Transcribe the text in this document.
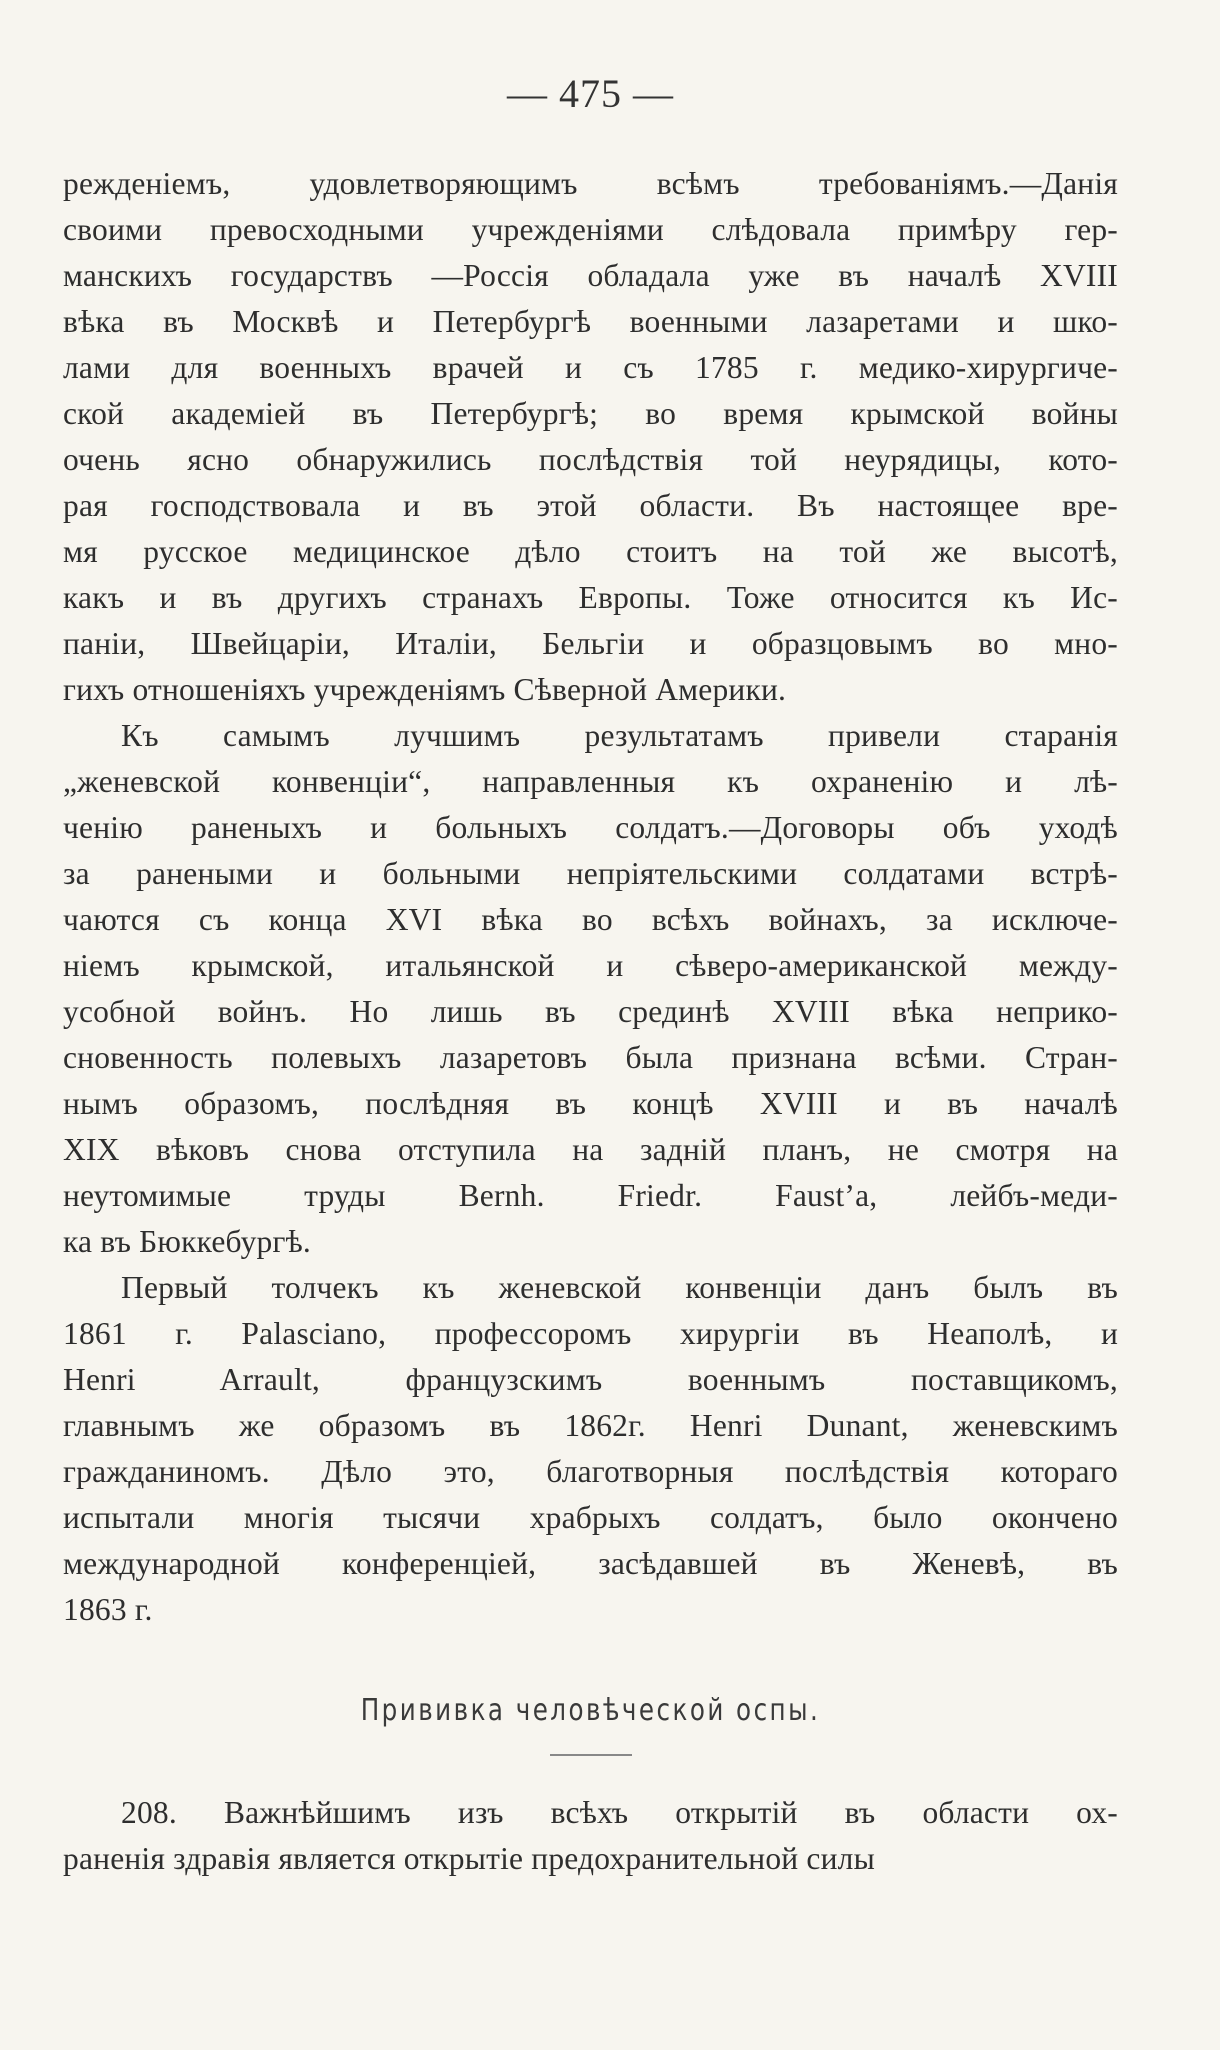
— 475 —

режденіемъ, удовлетворяющимъ всѣмъ требованіямъ.—Данія
своими превосходными учрежденіями слѣдовала примѣру гер-
манскихъ государствъ —Россія обладала уже въ началѣ XVIII
вѣка въ Москвѣ и Петербургѣ военными лазаретами и шко-
лами для военныхъ врачей и съ 1785 г. медико-хирургиче-
ской академіей въ Петербургѣ; во время крымской войны
очень ясно обнаружились послѣдствія той неурядицы, кото-
рая господствовала и въ этой области. Въ настоящее вре-
мя русское медицинское дѣло стоитъ на той же высотѣ,
какъ и въ другихъ странахъ Европы. Тоже относится къ Ис-
паніи, Швейцаріи, Италіи, Бельгіи и образцовымъ во мно-
гихъ отношеніяхъ учрежденіямъ Сѣверной Америки.

Къ самымъ лучшимъ результатамъ привели старанія
„женевской конвенціи“, направленныя къ охраненію и лѣ-
ченію раненыхъ и больныхъ солдатъ.—Договоры объ уходѣ
за ранеными и больными непріятельскими солдатами встрѣ-
чаются съ конца XVI вѣка во всѣхъ войнахъ, за исключе-
ніемъ крымской, итальянской и сѣверо-американской между-
усобной войнъ. Но лишь въ срединѣ XVIII вѣка неприко-
сновенность полевыхъ лазаретовъ была признана всѣми. Стран-
нымъ образомъ, послѣдняя въ концѣ XVIII и въ началѣ
XIX вѣковъ снова отступила на задній планъ, не смотря на
неутомимые труды Bernh. Friedr. Faust’a, лейбъ-меди-
ка въ Бюккебургѣ.

Первый толчекъ къ женевской конвенціи данъ былъ въ
1861 г. Palasciano, профессоромъ хирургіи въ Неаполѣ, и
Henri Arrault, французскимъ военнымъ поставщикомъ,
главнымъ же образомъ въ 1862г. Henri Dunant, женевскимъ
гражданиномъ. Дѣло это, благотворныя послѣдствія котораго
испытали многія тысячи храбрыхъ солдатъ, было окончено
международной конференціей, засѣдавшей въ Женевѣ, въ
1863 г.

Прививка человѣческой оспы.

208. Важнѣйшимъ изъ всѣхъ открытій въ области ох-
раненія здравія является открытіе предохранительной силы
